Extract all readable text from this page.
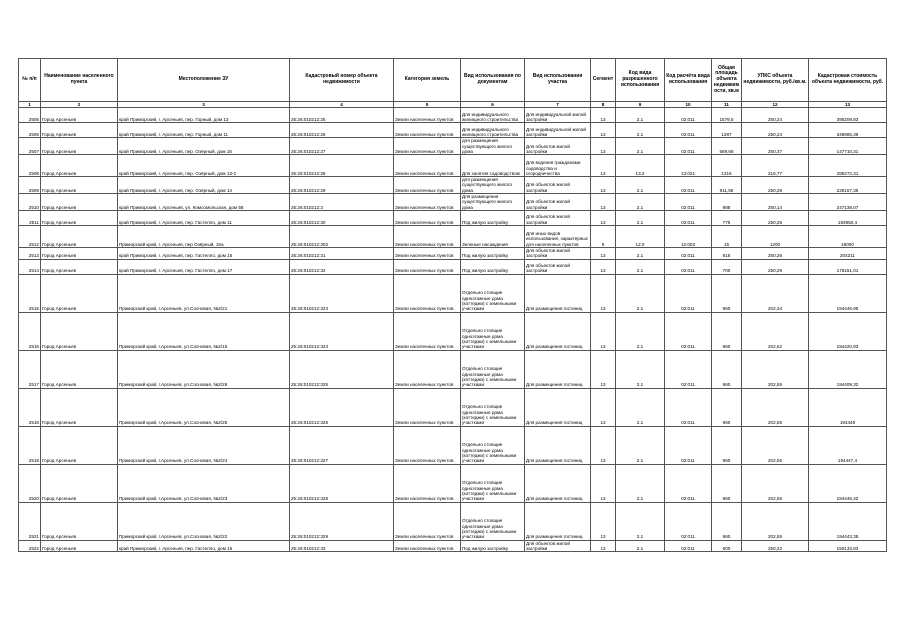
№ п/п	Наименование населенного пункта	Местоположение ЗУ	Кадастровый номер объекта недвижимости	Категория земель	Вид использования по документам	Вид использования участка	Сегмент	Код вида разрешенного использования	Код расчёта вида использования	Общая площадь объекта недвижимости, кв.м	УПКС объекта недвижимости, руб./кв.м.	Кадастровая стоимость объекта недвижимости, руб.
1	2	3	4	5	6	7	8	9	10	11	12	13
2505	Город Арсеньев	край Приморский, г. Арсеньев, пер. Горный, дом 13	25:26:010212:25	Земли населенных пунктов	Для индивидуального жилищного строительства	Для индивидуальной жилой застройки	13	2.1	02:011	1579,5	250,24	395209,83
2506	Город Арсеньев	край Приморский, г. Арсеньев, пер. Горный, дом 11	25:26:010212:26	Земли населенных пунктов	Для индивидуального жилищного строительства	Для индивидуальной жилой застройки	13	2.1	02:011	1387	250,24	346985,36
2507	Город Арсеньев	край Приморский, г. Арсеньев, пер. Озёрный, дом 16	25:26:010212:27	Земли населенных пунктов	для размещения существующего жилого дома	Для объектов жилой застройки	13	2.1	02:011	589,68	250,37	147710,31
2508	Город Арсеньев	край Приморский, г. Арсеньев, пер. Озёрный, дом 13-2	25:26:010212:28	Земли населенных пунктов	Для занятия садоводством	Для ведения гражданами садоводства и огородничества	13	13.2	13:021	1316	216,77	285272,31
2509	Город Арсеньев	край Приморский, г. Арсеньев, пер. Озёрный, дом 14	25:26:010212:29	Земли населенных пунктов	для размещения существующего жилого дома	Для объектов жилой застройки	13	2.1	02:011	911,56	250,28	228157,35
2510	Город Арсеньев	край Приморский, г. Арсеньев, ул. Комсомольская, дом 58	25:26:010212:3	Земли населенных пунктов	Для размещения существующего жилого дома	Для объектов жилой застройки	13	2.1	02:011	988	250,14	247138,07
2511	Город Арсеньев	край Приморский, г. Арсеньев, пер. Гастелло, дом 11	25:26:010212:30	Земли населенных пунктов	Под жилую застройку	Для объектов жилой застройки	13	2.1	02:011	775	250,25	193950,4
2512	Город Арсеньев	Приморский край, г. Арсеньев, пер Озёрный, 15а	25:26:010212:302	Земли населенных пунктов	Зеленые насаждения	Для иных видов использования, характерных для населенных пунктов	9	12.0	12:003	15	1200	18000
2513	Город Арсеньев	край Приморский, г. Арсеньев, пер. Гастелло, дом 15	25:26:010212:31	Земли населенных пунктов	Под жилую застройку	Для объектов жилой застройки	13	2.1	02:011	816	250,26	204211
2514	Город Арсеньев	край Приморский, г. Арсеньев, пер. Гастелло, дом 17	25:26:010212:32	Земли населенных пунктов	Под жилую застройку	Для объектов жилой застройки	13	2.1	02:011	700	250,29	175151,01
2515	Город Арсеньев	Приморский край, г.Арсеньев, ул.Сосновая, №2/21	25:26:010212:323	Земли населенных пунктов	Отдельно стоящие одноэтажные дома (коттеджи) с земельными участками	Для размещения гостиниц	13	2.1	02:011	960	202,34	194446,95
2516	Город Арсеньев	Приморский край, г.Арсеньев, ул.Сосновая, №2/15	25:26:010212:324	Земли населенных пунктов	Отдельно стоящие одноэтажные дома (коттеджи) с земельными участками	Для размещения гостиниц	13	2.1	02:011	960	202,52	194420,93
2517	Город Арсеньев	Приморский край, г.Арсеньев, ул.Сосновая, №2/26	25:26:010212:325	Земли населенных пунктов	Отдельно стоящие одноэтажные дома (коттеджи) с земельными участками	Для размещения гостиниц	13	2.1	02:011	960	202,55	194409,32
2518	Город Арсеньев	Приморский край, г.Арсеньев, ул.Сосновая, №2/25	25:26:010212:326	Земли населенных пунктов	Отдельно стоящие одноэтажные дома (коттеджи) с земельными участками	Для размещения гостиниц	13	2.1	02:011	960	202,55	194449
2519	Город Арсеньев	Приморский край, г.Арсеньев, ул.Сосновая, №2/24	25:26:010212:327	Земли населенных пунктов	Отдельно стоящие одноэтажные дома (коттеджи) с земельными участками	Для размещения гостиниц	13	2.1	02:011	960	202,55	194447,4
2520	Город Арсеньев	Приморский край, г.Арсеньев, ул.Сосновая, №2/23	25:26:010212:328	Земли населенных пунктов	Отдельно стоящие одноэтажные дома (коттеджи) с земельными участками	Для размещения гостиниц	13	2.1	02:011	960	202,55	194445,42
2521	Город Арсеньев	Приморский край, г.Арсеньев, ул.Сосновая, №2/22	25:26:010212:329	Земли населенных пунктов	Отдельно стоящие одноэтажные дома (коттеджи) с земельными участками	Для размещения гостиниц	13	2.1	02:011	960	202,55	194443,35
2522	Город Арсеньев	край Приморский, г. Арсеньев, пер. Гастелло, дом 16	25:26:010212:33	Земли населенных пунктов	Под жилую застройку	Для объектов жилой застройки	13	2.1	02:011	600	250,22	150133,83
